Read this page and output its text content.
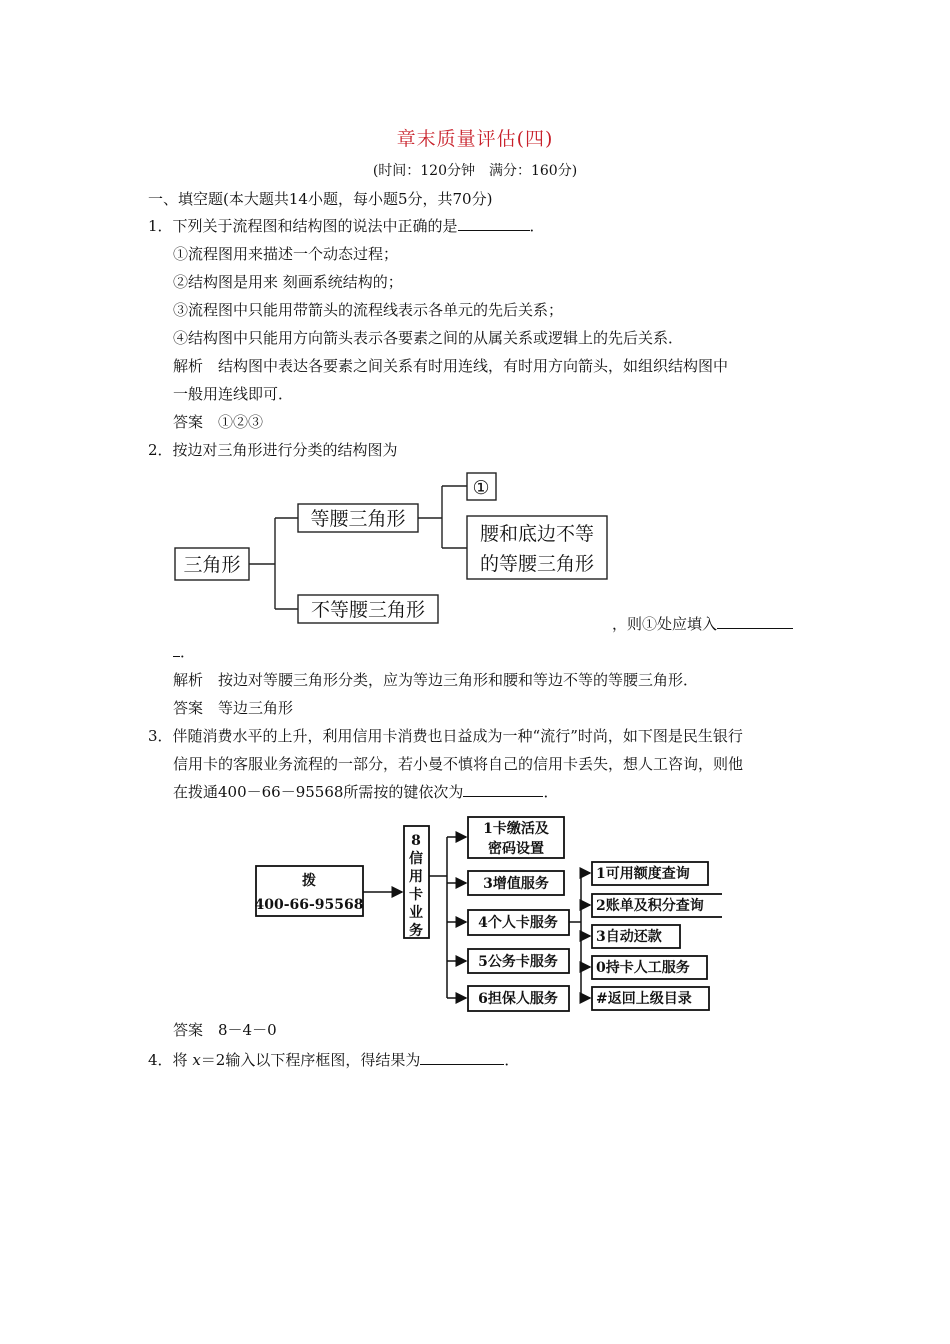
章末质量评估(四)
(时间：120分钟　满分：160分)
一、填空题(本大题共14小题，每小题5分，共70分)
1．下列关于流程图和结构图的说法中正确的是	．
①流程图用来描述一个动态过程；
②结构图是用来 刻画系统结构的；
③流程图中只能用带箭头的流程线表示各单元的先后关系；
④结构图中只能用方向箭头表示各要素之间的从属关系或逻辑上的先后关系．
解析　结构图中表达各要素之间关系有时用连线，有时用方向箭头，如组织结构图中
一般用连线即可．
答案　①②③
2．按边对三角形进行分类的结构图为
三角形
等腰三角形
不等腰三角形
①
腰和底边不等
的等腰三角形
，则①处应填入
．
解析　按边对等腰三角形分类，应为等边三角形和腰和等边不等的等腰三角形．
答案　等边三角形
3．伴随消费水平的上升，利用信用卡消费也日益成为一种“流行”时尚，如下图是民生银行
信用卡的客服业务流程的一部分，若小曼不慎将自己的信用卡丢失，想人工咨询，则他
在拨通400－66－95568所需按的键依次为	．
拨
400-66-95568
8
信
用
卡
业
务
1卡缴活及
密码设置
3增值服务
4个人卡服务
5公务卡服务
6担保人服务
1可用额度查询
2账单及积分查询
3自动还款
0持卡人工服务
#返回上级目录
答案　8－4－0
4．将 x＝2输入以下程序框图，得结果为	．
